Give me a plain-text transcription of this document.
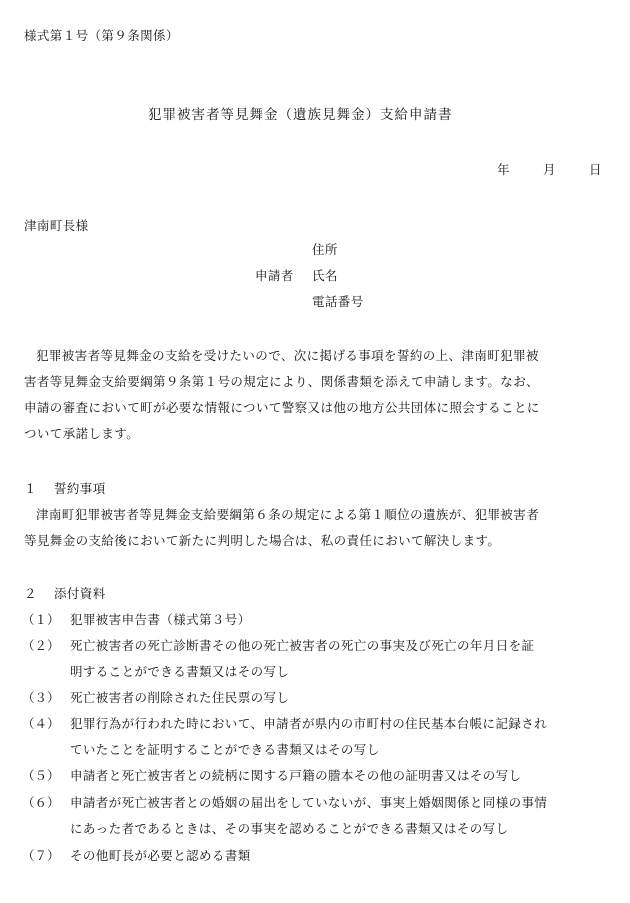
様式第１号（第９条関係）
犯罪被害者等見舞金（遺族見舞金）支給申請書
年	月	日
津南町長様
住所
申請者 氏名
電話番号
犯罪被害者等見舞金の支給を受けたいので、次に掲げる事項を誓約の上、津南町犯罪被
害者等見舞金支給要綱第９条第１号の規定により、関係書類を添えて申請します。なお、
申請の審査において町が必要な情報について警察又は他の地方公共団体に照会することに
ついて承諾します。
１ 誓約事項
津南町犯罪被害者等見舞金支給要綱第６条の規定による第１順位の遺族が、犯罪被害者
等見舞金の支給後において新たに判明した場合は、私の責任において解決します。
２ 添付資料
（１） 犯罪被害申告書（様式第３号）
（２） 死亡被害者の死亡診断書その他の死亡被害者の死亡の事実及び死亡の年月日を証
明することができる書類又はその写し
（３） 死亡被害者の削除された住民票の写し
（４） 犯罪行為が行われた時において、申請者が県内の市町村の住民基本台帳に記録され
ていたことを証明することができる書類又はその写し
（５） 申請者と死亡被害者との続柄に関する戸籍の謄本その他の証明書又はその写し
（６） 申請者が死亡被害者との婚姻の届出をしていないが、事実上婚姻関係と同様の事情
にあった者であるときは、その事実を認めることができる書類又はその写し
（７） その他町長が必要と認める書類
